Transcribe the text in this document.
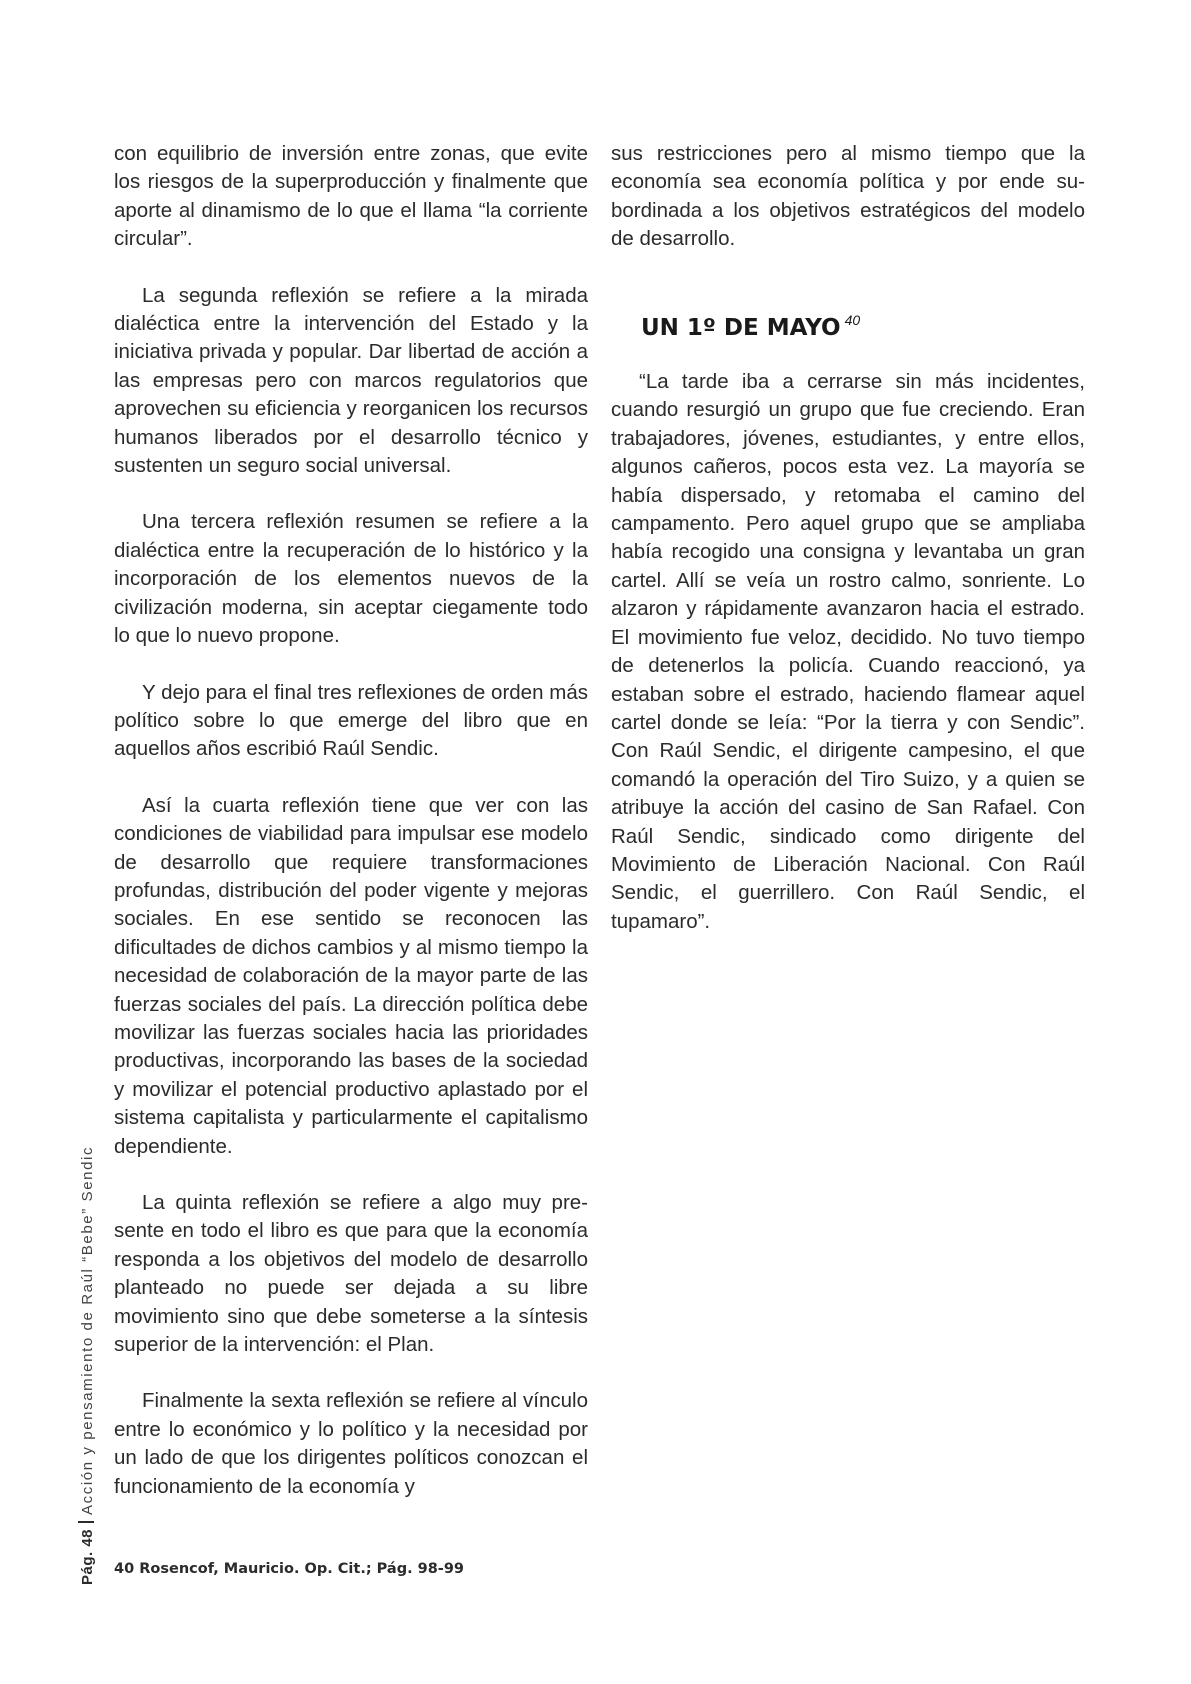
con equilibrio de inversión entre zonas, que evite los riesgos de la superproducción y finalmente que aporte al dinamismo de lo que el llama “la corriente circular”.

La segunda reflexión se refiere a la mirada dialéctica entre la intervención del Estado y la iniciativa privada y popular. Dar libertad de acción a las empresas pero con marcos regulatorios que aprovechen su eficiencia y reorganicen los recursos humanos liberados por el desarrollo técnico y sustenten un seguro social universal.

Una tercera reflexión resumen se refiere a la dialéctica entre la recuperación de lo histórico y la incorporación de los elementos nuevos de la civilización moderna, sin aceptar ciegamente todo lo que lo nuevo propone.

Y dejo para el final tres reflexiones de orden más político sobre lo que emerge del libro que en aquellos años escribió Raúl Sendic.

Así la cuarta reflexión tiene que ver con las condiciones de viabilidad para impulsar ese modelo de desarrollo que requiere transformaciones profundas, distribución del poder vigente y mejoras sociales. En ese sentido se reconocen las dificultades de dichos cambios y al mismo tiempo la necesidad de colaboración de la mayor parte de las fuerzas sociales del país. La dirección política debe movilizar las fuerzas sociales hacia las prioridades productivas, incorporando las bases de la sociedad y movilizar el potencial productivo aplastado por el sistema capitalista y particularmente el capitalismo dependiente.

La quinta reflexión se refiere a algo muy presente en todo el libro es que para que la economía responda a los objetivos del modelo de desarrollo planteado no puede ser dejada a su libre movimiento sino que debe someterse a la síntesis superior de la intervención: el Plan.

Finalmente la sexta reflexión se refiere al vínculo entre lo económico y lo político y la necesidad por un lado de que los dirigentes políticos conozcan el funcionamiento de la economía y

sus restricciones pero al mismo tiempo que la economía sea economía política y por ende subordinada a los objetivos estratégicos del modelo de desarrollo.

UN 1º DE MAYO $^{40}$

“La tarde iba a cerrarse sin más incidentes, cuando resurgió un grupo que fue creciendo. Eran trabajadores, jóvenes, estudiantes, y entre ellos, algunos cañeros, pocos esta vez. La mayoría se había dispersado, y retomaba el camino del campamento. Pero aquel grupo que se ampliaba había recogido una consigna y levantaba un gran cartel. Allí se veía un rostro calmo, sonriente. Lo alzaron y rápidamente avanzaron hacia el estrado. El movimiento fue veloz, decidido. No tuvo tiempo de detenerlos la policía. Cuando reaccionó, ya estaban sobre el estrado, haciendo flamear aquel cartel donde se leía: “Por la tierra y con Sendic”. Con Raúl Sendic, el dirigente campesino, el que comandó la operación del Tiro Suizo, y a quien se atribuye la acción del casino de San Rafael. Con Raúl Sendic, sindicado como dirigente del Movimiento de Liberación Nacional. Con Raúl Sendic, el guerrillero. Con Raúl Sendic, el tupamaro”.

40 Rosencof, Mauricio. Op. Cit.; Pág. 98-99
Pág. 48Acción y pensamiento de Raúl “Bebe” Sendic
